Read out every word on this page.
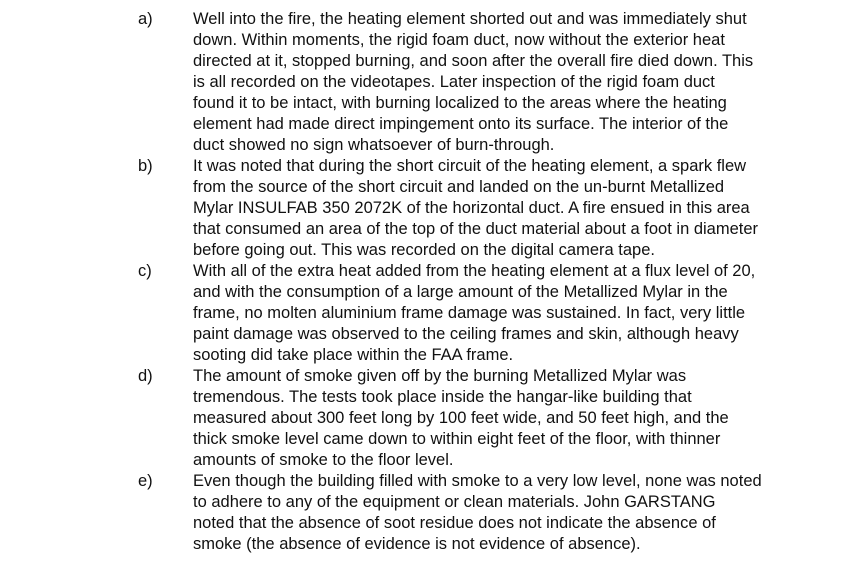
a) Well into the fire, the heating element shorted out and was immediately shut
down. Within moments, the rigid foam duct, now without the exterior heat
directed at it, stopped burning, and soon after the overall fire died down. This
is all recorded on the videotapes. Later inspection of the rigid foam duct
found it to be intact, with burning localized to the areas where the heating
element had made direct impingement onto its surface. The interior of the
duct showed no sign whatsoever of burn-through.
b) It was noted that during the short circuit of the heating element, a spark flew
from the source of the short circuit and landed on the un-burnt Metallized
Mylar INSULFAB 350 2072K of the horizontal duct. A fire ensued in this area
that consumed an area of the top of the duct material about a foot in diameter
before going out. This was recorded on the digital camera tape.
c)	With all of the extra heat added from the heating element at a flux level of 20,
and with the consumption of a large amount of the Metallized Mylar in the
frame, no molten aluminium frame damage was sustained. In fact, very little
paint damage was observed to the ceiling frames and skin, although heavy
sooting did take place within the FAA frame.
d) The amount of smoke given off by the burning Metallized Mylar was
tremendous. The tests took place inside the hangar-like building that
measured about 300 feet long by 100 feet wide, and 50 feet high, and the
thick smoke level came down to within eight feet of the floor, with thinner
amounts of smoke to the floor level.
e) Even though the building filled with smoke to a very low level, none was noted
to adhere to any of the equipment or clean materials. John GARSTANG
noted that the absence of soot residue does not indicate the absence of
smoke (the absence of evidence is not evidence of absence).
